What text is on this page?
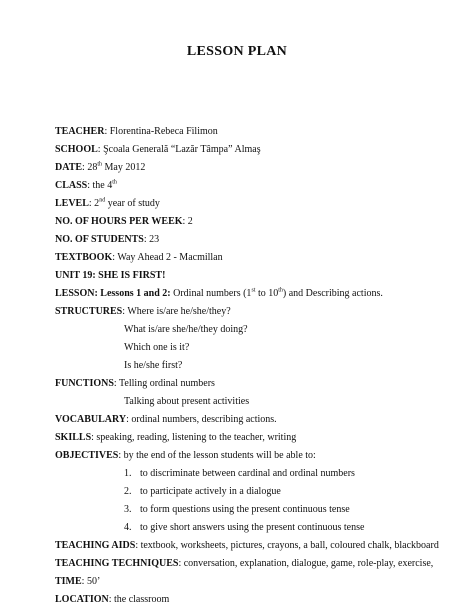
LESSON PLAN
TEACHER: Florentina-Rebeca Filimon
SCHOOL: Şcoala Generală “Lazăr Tâmpa” Almaş
DATE: 28th May 2012
CLASS: the 4th
LEVEL: 2nd year of study
NO. OF HOURS PER WEEK: 2
NO. OF STUDENTS: 23
TEXTBOOK: Way Ahead 2 - Macmillan
UNIT 19: SHE IS FIRST!
LESSON: Lessons 1 and 2: Ordinal numbers (1st to 10th) and Describing actions.
STRUCTURES: Where is/are he/she/they?
What is/are she/he/they doing?
Which one is it?
Is he/she first?
FUNCTIONS: Telling ordinal numbers
Talking about present activities
VOCABULARY: ordinal numbers, describing actions.
SKILLS: speaking, reading, listening to the teacher, writing
OBJECTIVES: by the end of the lesson students will be able to:
1. to discriminate between cardinal and ordinal numbers
2. to participate actively in a dialogue
3. to form questions using the present continuous tense
4. to give short answers using the present continuous tense
TEACHING AIDS: textbook, worksheets, pictures, crayons, a ball, coloured chalk, blackboard
TEACHING TECHNIQUES: conversation, explanation, dialogue, game, role-play, exercise,
TIME: 50’
LOCATION: the classroom
